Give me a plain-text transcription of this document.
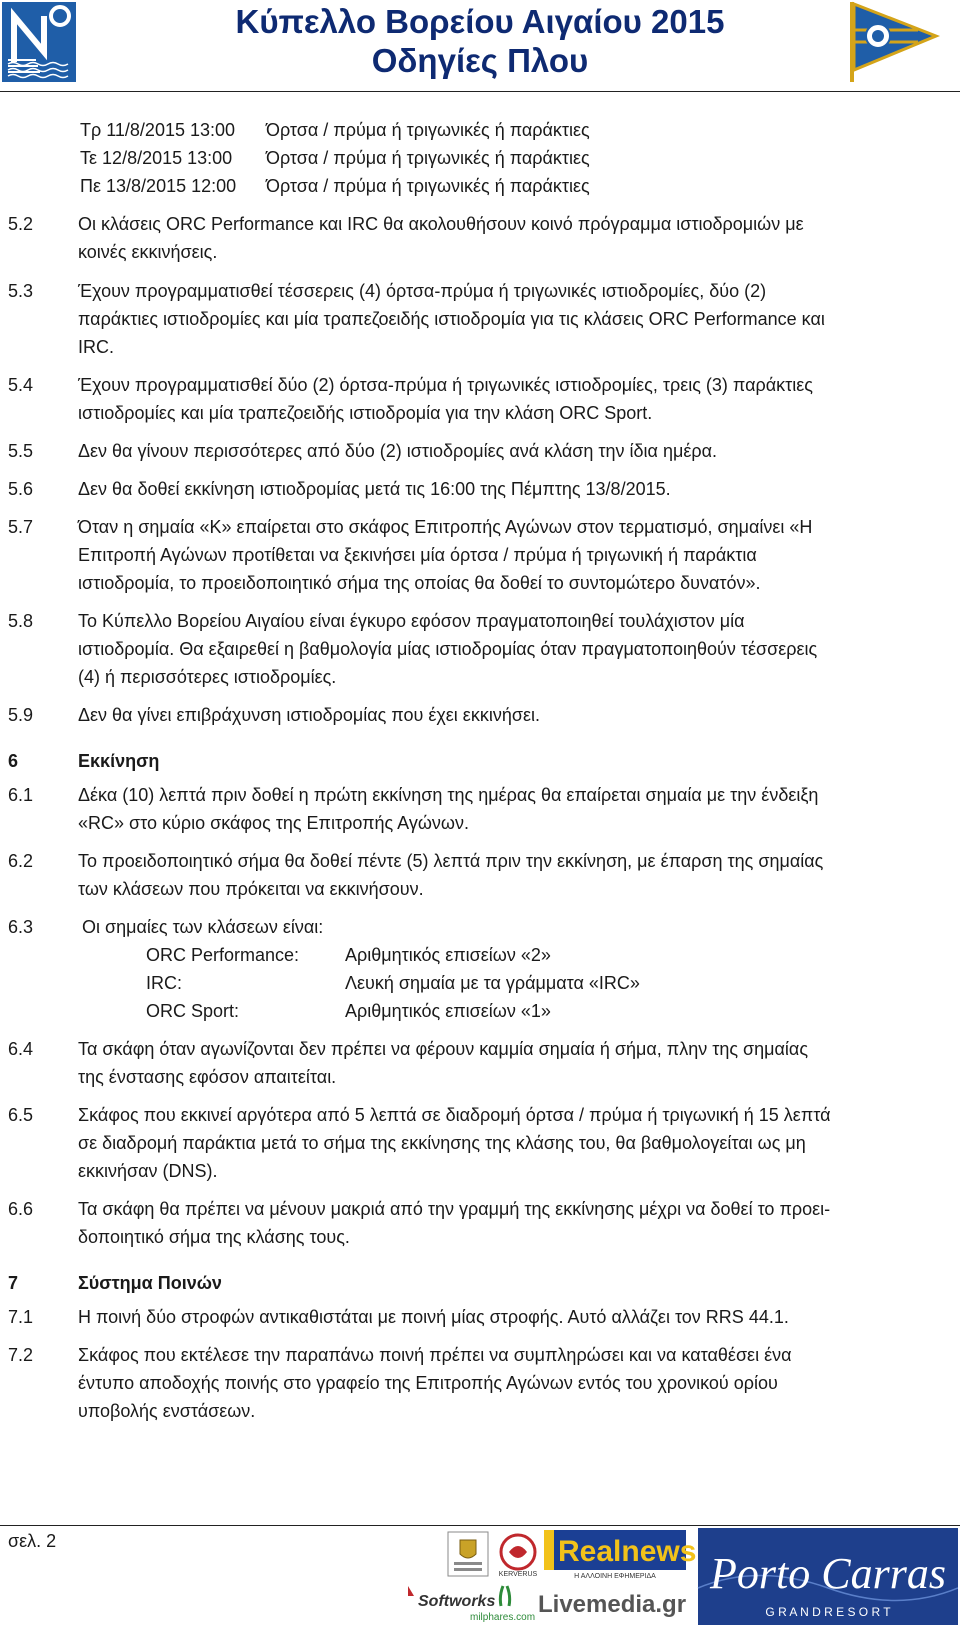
Κύπελλο Βορείου Αιγαίου 2015
Οδηγίες Πλου
Τρ 11/8/2015 13:00 Όρτσα / πρύμα ή τριγωνικές ή παράκτιες
Τε 12/8/2015 13:00 Όρτσα / πρύμα ή τριγωνικές ή παράκτιες
Πε 13/8/2015 12:00 Όρτσα / πρύμα ή τριγωνικές ή παράκτιες
5.2 Οι κλάσεις ORC Performance και IRC θα ακολουθήσουν κοινό πρόγραμμα ιστιοδρομιών με
κοινές εκκινήσεις.
5.3 Έχουν προγραμματισθεί τέσσερεις (4) όρτσα-πρύμα ή τριγωνικές ιστιοδρομίες, δύο (2)
παράκτιες ιστιοδρομίες και μία τραπεζοειδής ιστιοδρομία για τις κλάσεις ORC Performance και
IRC.
5.4 Έχουν προγραμματισθεί δύο (2) όρτσα-πρύμα ή τριγωνικές ιστιοδρομίες, τρεις (3) παράκτιες
ιστιοδρομίες και μία τραπεζοειδής ιστιοδρομία για την κλάση ORC Sport.
5.5 Δεν θα γίνουν περισσότερες από δύο (2) ιστιοδρομίες ανά κλάση την ίδια ημέρα.
5.6 Δεν θα δοθεί εκκίνηση ιστιοδρομίας μετά τις 16:00 της Πέμπτης 13/8/2015.
5.7 Όταν η σημαία «Κ» επαίρεται στο σκάφος Επιτροπής Αγώνων στον τερματισμό, σημαίνει «Η
Επιτροπή Αγώνων προτίθεται να ξεκινήσει μία όρτσα / πρύμα ή τριγωνική ή παράκτια
ιστιοδρομία, το προειδοποιητικό σήμα της οποίας θα δοθεί το συντομώτερο δυνατόν».
5.8 Το Κύπελλο Βορείου Αιγαίου είναι έγκυρο εφόσον πραγματοποιηθεί τουλάχιστον μία
ιστιοδρομία. Θα εξαιρεθεί η βαθμολογία μίας ιστιοδρομίας όταν πραγματοποιηθούν τέσσερεις
(4) ή περισσότερες ιστιοδρομίες.
5.9 Δεν θα γίνει επιβράχυνση ιστιοδρομίας που έχει εκκινήσει.
6	Εκκίνηση
6.1 Δέκα (10) λεπτά πριν δοθεί η πρώτη εκκίνηση της ημέρας θα επαίρεται σημαία με την ένδειξη
«RC» στο κύριο σκάφος της Επιτροπής Αγώνων.
6.2 Το προειδοποιητικό σήμα θα δοθεί πέντε (5) λεπτά πριν την εκκίνηση, με έπαρση της σημαίας
των κλάσεων που πρόκειται να εκκινήσουν.
6.3	Οι σημαίες των κλάσεων είναι:
ORC Performance:	Αριθμητικός επισείων «2»
IRC:	Λευκή σημαία με τα γράμματα «IRC»
ORC Sport:	Αριθμητικός επισείων «1»
6.4 Τα σκάφη όταν αγωνίζονται δεν πρέπει να φέρουν καμμία σημαία ή σήμα, πλην της σημαίας
της ένστασης εφόσον απαιτείται.
6.5 Σκάφος που εκκινεί αργότερα από 5 λεπτά σε διαδρομή όρτσα / πρύμα ή τριγωνική ή 15 λεπτά
σε διαδρομή παράκτια μετά το σήμα της εκκίνησης της κλάσης του, θα βαθμολογείται ως μη
εκκινήσαν (DNS).
6.6 Τα σκάφη θα πρέπει να μένουν μακριά από την γραμμή της εκκίνησης μέχρι να δοθεί το προει-
δοποιητικό σήμα της κλάσης τους.
7	Σύστημα Ποινών
7.1 Η ποινή δύο στροφών αντικαθιστάται με ποινή μίας στροφής. Αυτό αλλάζει τον RRS 44.1.
7.2 Σκάφος που εκτέλεσε την παραπάνω ποινή πρέπει να συμπληρώσει και να καταθέσει ένα
έντυπο αποδοχής ποινής στο γραφείο της Επιτροπής Αγώνων εντός του χρονικού ορίου
υποβολής ενστάσεων.
σελ. 2
KERVERUS
Realnews
Η ΑΛΛΟΙΝΗ ΕΦΗΜΕΡΙΔΑ
Softworks
milphares.com Livemedia.gr
Porto Carras
G R A N D R E S O R T
